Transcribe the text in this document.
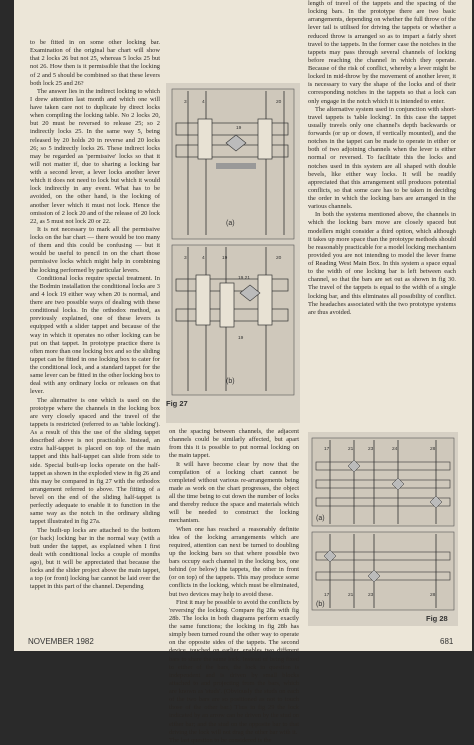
to be fitted in on some other locking bar. Examination of the original bar chart will show that 2 locks 26 but not 25, whereas 5 locks 25 but not 26. How then is it permissible that the locking of 2 and 5 should be combined so that these levers both lock 25 and 26?

The answer lies in the indirect locking to which I drew attention last month and which one will have taken care not to duplicate by direct locks when compiling the locking table. No 2 locks 20, but 20 must be reversed to release 25; so 2 indirectly locks 25. In the same way 5, being released by 20 holds 20 in reverse and 20 locks 26; so 5 indirectly locks 26. These indirect locks may be regarded as 'permissive' locks so that it will not matter if, due to sharing a locking bar with a second lever, a lever locks another lever which it does not need to lock but which it would lock indirectly in any event. What has to be avoided, on the other hand, is the locking of another lever which it must not lock. Hence the omission of 2 lock 20 and of the release of 20 lock 22, as 5 must not lock 20 or 22.

It is not necessary to mark all the permissive locks on the bar chart — there would be too many of them and this could be confusing — but it would be useful to pencil in on the chart those permissive locks which might help in combining the locking performed by particular levers.

Conditional locks require special treatment. In the Bodmin installation the conditional locks are 3 and 4 lock 19 either way when 20 is normal, and there are two possible ways of dealing with these conditional locks. In the orthodox method, as previously explained, one of these levers is equipped with a slider tappet and because of the way in which it operates no other locking can be put on that tappet. In prototype practice there is often more than one locking box and so the sliding tappet can be fitted in one locking box to cater for the conditional lock, and a standard tappet for the same lever can be fitted in the other locking box to deal with any ordinary locks or releases on that lever.

The alternative is one which is used on the prototype where the channels in the locking box are very closely spaced and the travel of the tappets is restricted (referred to as 'table locking'). As a result of this the use of the sliding tappet described above is not practicable. Instead, an extra half-tappet is placed on top of the main tappet and this half-tappet can slide from side to side. Special built-up locks operate on the half-tappet as shown in the exploded view in fig 26 and this may be compared in fig 27 with the orthodox arrangement referred to above. The fitting of a bevel on the end of the sliding half-tappet is perfectly adequate to enable it to function in the same way as the notch in the ordinary sliding tappet illustrated in fig 27a.

The built-up locks are attached to the bottom (or back) locking bar in the normal way (with a butt under the tappet, as explained when I first dealt with conditional locks a couple of months ago), but it will be appreciated that because the locks and the slider project above the main tappet, a top (or front) locking bar cannot be laid over the tappet in this part of the channel. Depending

3	4	20
19
(a)
3	4	19	20
19 21
19
(b)
Fig 27

on the spacing between channels, the adjacent channels could be similarly affected, but apart from this it is possible to put normal locking on the main tappet.

It will have become clear by now that the compilation of a locking chart cannot be completed without various re-arrangements being made as work on the chart progresses, the object all the time being to cut down the number of locks and thereby reduce the space and materials which will be needed to construct the locking mechanism.

When one has reached a reasonably definite idea of the locking arrangements which are required, attention can next be turned to doubling up the locking bars so that where possible two bars occupy each channel in the locking box, one behind (or below) the tappets, the other in front (or on top) of the tappets. This may produce some conflicts in the locking, which must be eliminated, but two devices may help to avoid these.

First it may be possible to avoid the conflicts by 'reversing' the locking. Compare fig 28a with fig 28b. The locks in both diagrams perform exactly the same functions; the locking in fig 28b has simply been turned round the other way to operate on the opposite sides of the tappets. The second device, touched on earlier, enables two different bars to share the same lock. Instead of being fixed to either of the bars, the lock in question is independent and is driven by small blocks attached to and projecting from the bars, which are known as 'studs'. (Obviously the studs on each of the two bars are so positioned as not to touch those of the other bar.) Thus in fig 29 the lock indicated by an arrow can be driven by the stud on either bar; and the stud on the opposite bar to that driving the lock will not drag the other bar with it.

The last question to be considered is the

length of travel of the tappets and the spacing of the locking bars. In the prototype there are two basic arrangements, depending on whether the full throw of the lever tail is utilised for driving the tappets or whether a reduced throw is arranged so as to impart a fairly short travel to the tappets. In the former case the notches in the tappets may pass through several channels of locking before reaching the channel in which they operate. Because of the risk of conflict, whereby a lever might be locked in mid-throw by the movement of another lever, it is necessary to vary the shape of the locks and of their corresponding notches in the tappets so that a lock can only engage in the notch which it is intended to enter.

The alternative system used in conjunction with short-travel tappets is 'table locking'. In this case the tappet usually travels only one channel's depth backwards or forwards (or up or down, if vertically mounted), and the notches in the tappet can be made to operate in either or both of two adjoining channels when the lever is either normal or reversed. To facilitate this the locks and notches used in this system are all shaped with double bevels, like either way locks. It will be readily appreciated that this arrangement still produces potential conflicts, so that some care has to be taken in deciding the order in which the locking bars are arranged in the various channels.

In both the systems mentioned above, the channels in which the locking bars move are closely spaced but modellers might consider a third option, which although it takes up more space than the prototype methods should be reasonably practicable for a model locking mechanism provided you are not intending to model the lever frame of Reading West Main Box. In this system a space equal to the width of one locking bar is left between each channel, so that the bars are set out as shown in fig 30. The travel of the tappets is equal to the width of a single locking bar, and this eliminates all possibility of conflict. The headaches associated with the two prototype systems are thus avoided.

17	21	23	24	28
(a)
17	21	23	28
(b)
Fig 28
NOVEMBER 1982	681
